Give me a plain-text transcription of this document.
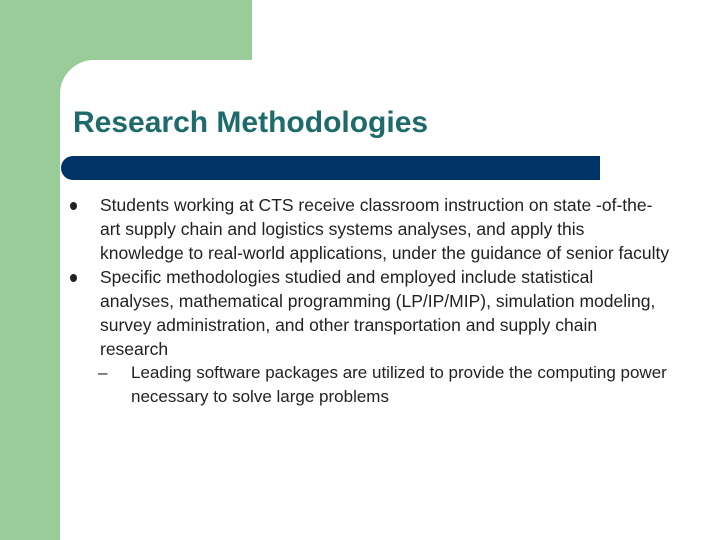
Research Methodologies
Students working at CTS receive classroom instruction on state -of-the-art supply chain and logistics systems analyses, and apply this knowledge to real-world applications, under the guidance of senior faculty
Specific methodologies studied and employed include statistical analyses, mathematical programming (LP/IP/MIP), simulation modeling, survey administration, and other transportation and supply chain research
– Leading software packages are utilized to provide the computing power necessary to solve large problems
